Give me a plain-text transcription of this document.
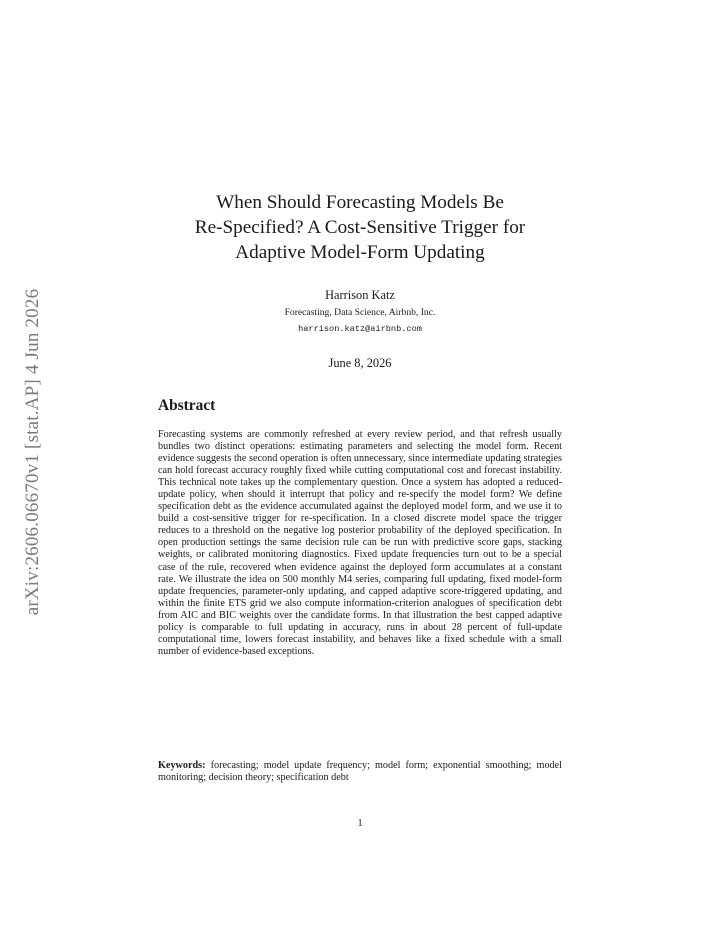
arXiv:2606.06670v1 [stat.AP] 4 Jun 2026
When Should Forecasting Models Be
Re-Specified? A Cost-Sensitive Trigger for
Adaptive Model-Form Updating
Harrison Katz
Forecasting, Data Science, Airbnb, Inc.
harrison.katz@airbnb.com
June 8, 2026
Abstract

Forecasting systems are commonly refreshed at every review period, and that refresh usually bundles two distinct operations: estimating parameters and selecting the model form. Recent evidence suggests the second operation is often unnecessary, since intermediate updating strategies can hold forecast accuracy roughly fixed while cutting computational cost and forecast instability. This technical note takes up the complementary question. Once a system has adopted a reduced-update policy, when should it interrupt that policy and re-specify the model form? We define specification debt as the evidence accumulated against the deployed model form, and we use it to build a cost-sensitive trigger for re-specification. In a closed discrete model space the trigger reduces to a threshold on the negative log posterior probability of the deployed specification. In open production settings the same decision rule can be run with predictive score gaps, stacking weights, or calibrated monitoring diagnostics. Fixed update frequencies turn out to be a special case of the rule, recovered when evidence against the deployed form accumulates at a constant rate. We illustrate the idea on 500 monthly M4 series, comparing full updating, fixed model-form update frequencies, parameter-only updating, and capped adaptive score-triggered updating, and within the finite ETS grid we also compute information-criterion analogues of specification debt from AIC and BIC weights over the candidate forms. In that illustration the best capped adaptive policy is comparable to full updating in accuracy, runs in about 28 percent of full-update computational time, lowers forecast instability, and behaves like a fixed schedule with a small number of evidence-based exceptions.

Keywords: forecasting; model update frequency; model form; exponential smoothing; model monitoring; decision theory; specification debt

1
